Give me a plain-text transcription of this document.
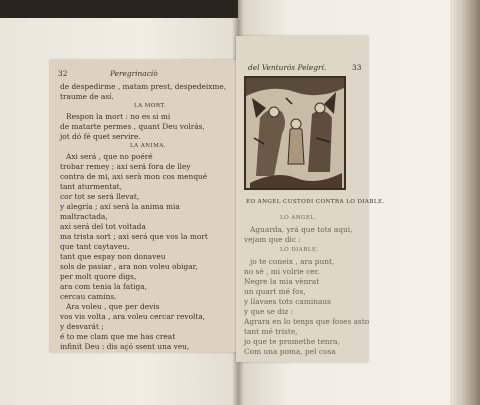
32	Peregrinaciò
de despedirme , matam prest, despedeixme,
traume de así.
LA MORT.
Respon la mort : no es si mi
de matarte permes , quant Deu volrás,
jot dó fé quet servire.
LA ANIMA.
Axi será , que no poéré
trobar remey ; axi será fora de lley
contra de mi, axi serà mon cos menqué
tant aturmentat,
cor tot se será llevat,
y alegría ; axí será la anima mia
maltractada,
axi será del tot voltada
ma trista sort ; axi será que vos la mort
que tant caytaveu,
tant que espay non donaveu
sols de pasiar , ara non voleu obigar,
per molt quore digs,
ara com tenia la fatiga,
cercau camins.
Ara voleu , que per devis
vos vis volta , ara voleu cercar revolta,
y desvarát ;
é to me clam que me has creat
infinit Deu : dis açó ssent una veu,
del Venturós Pelegrí.	33
EO ANGEL CUSTODI CONTRA LO DIABLE.
LO ANGEL.
Aguarda, yrá que tots aqui,
vejam que dic :
LO DIABLE.
jo te coneix , ara punt,
no sé , mi volrie cer.
Negre la mia vènrat
un quart mé fos,
y llavaes tots caminaus
y que se diz :
Agrara en lo tenps que foses asto
tant mé triste,
jo que te promethe tenra,
Com una poma, pel cosa
